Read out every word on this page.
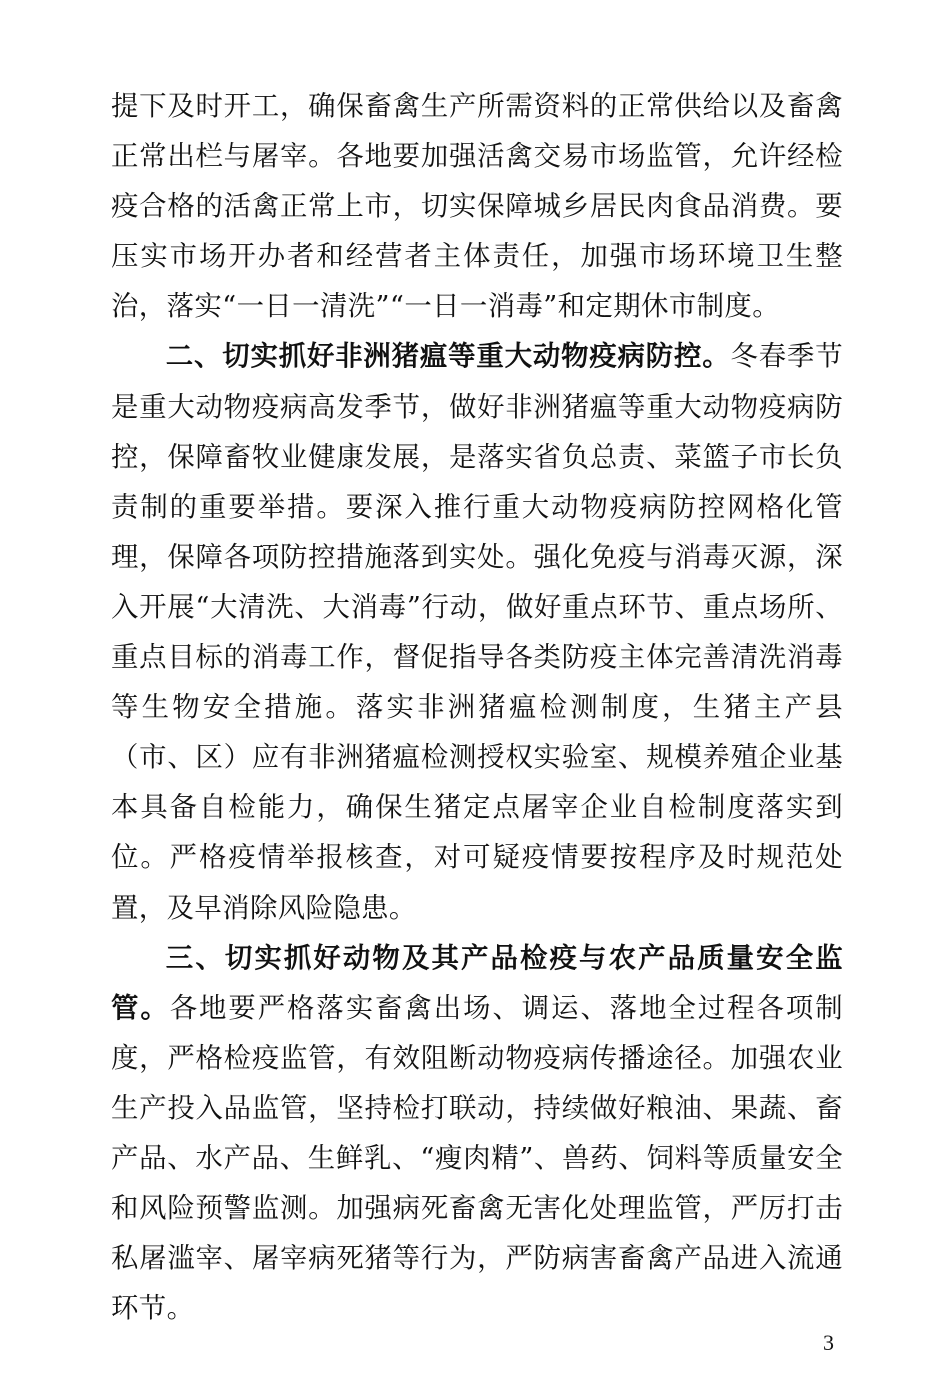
提下及时开工，确保畜禽生产所需资料的正常供给以及畜禽正常出栏与屠宰。各地要加强活禽交易市场监管，允许经检疫合格的活禽正常上市，切实保障城乡居民肉食品消费。要压实市场开办者和经营者主体责任，加强市场环境卫生整治，落实“一日一清洗”“一日一消毒”和定期休市制度。

二、切实抓好非洲猪瘟等重大动物疫病防控。冬春季节是重大动物疫病高发季节，做好非洲猪瘟等重大动物疫病防控，保障畜牧业健康发展，是落实省负总责、菜篮子市长负责制的重要举措。要深入推行重大动物疫病防控网格化管理，保障各项防控措施落到实处。强化免疫与消毒灭源，深入开展“大清洗、大消毒”行动，做好重点环节、重点场所、重点目标的消毒工作，督促指导各类防疫主体完善清洗消毒等生物安全措施。落实非洲猪瘟检测制度，生猪主产县（市、区）应有非洲猪瘟检测授权实验室、规模养殖企业基本具备自检能力，确保生猪定点屠宰企业自检制度落实到位。严格疫情举报核查，对可疑疫情要按程序及时规范处置，及早消除风险隐患。

三、切实抓好动物及其产品检疫与农产品质量安全监管。各地要严格落实畜禽出场、调运、落地全过程各项制度，严格检疫监管，有效阻断动物疫病传播途径。加强农业生产投入品监管，坚持检打联动，持续做好粮油、果蔬、畜产品、水产品、生鲜乳、“瘦肉精”、兽药、饲料等质量安全和风险预警监测。加强病死畜禽无害化处理监管，严厉打击私屠滥宰、屠宰病死猪等行为，严防病害畜禽产品进入流通环节。

3
